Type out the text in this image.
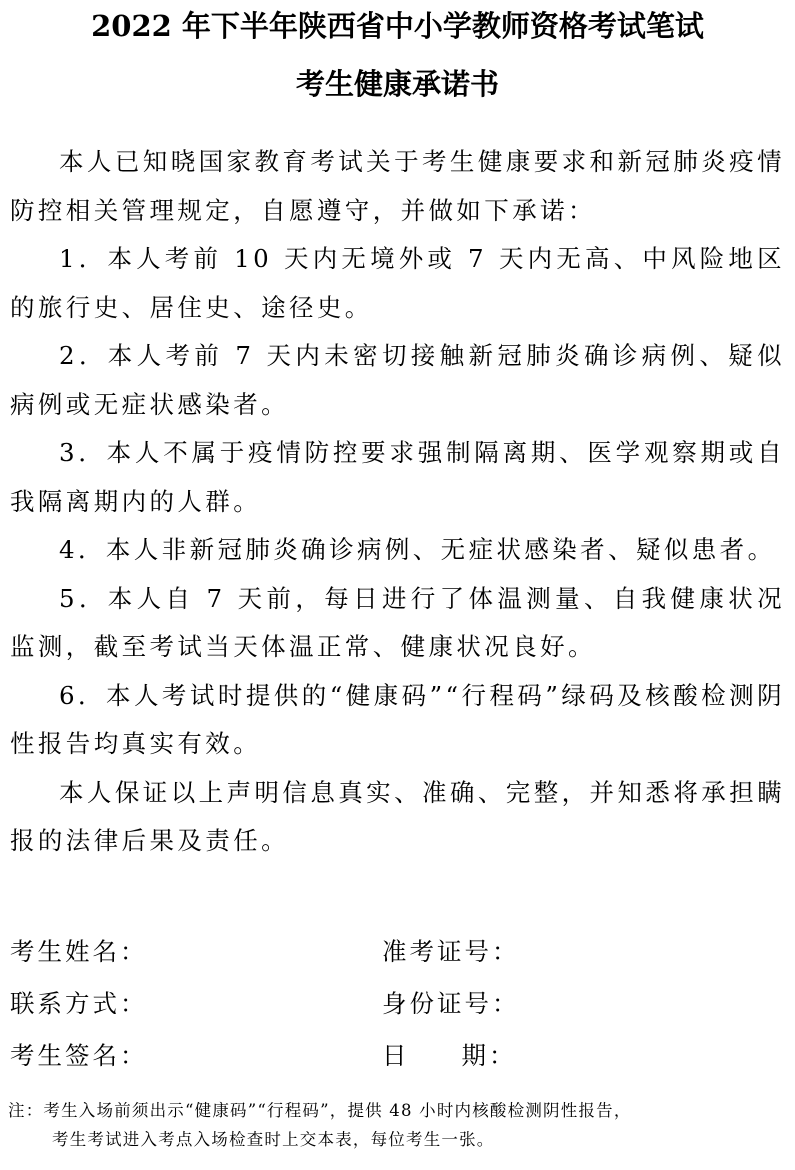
2022 年下半年陕西省中小学教师资格考试笔试
考生健康承诺书

本人已知晓国家教育考试关于考生健康要求和新冠肺炎疫情防控相关管理规定，自愿遵守，并做如下承诺：

1．本人考前 10 天内无境外或 7 天内无高、中风险地区的旅行史、居住史、途径史。

2．本人考前 7 天内未密切接触新冠肺炎确诊病例、疑似病例或无症状感染者。

3．本人不属于疫情防控要求强制隔离期、医学观察期或自我隔离期内的人群。

4．本人非新冠肺炎确诊病例、无症状感染者、疑似患者。

5．本人自 7 天前，每日进行了体温测量、自我健康状况监测，截至考试当天体温正常、健康状况良好。

6．本人考试时提供的“健康码”“行程码”绿码及核酸检测阴性报告均真实有效。

本人保证以上声明信息真实、准确、完整，并知悉将承担瞒报的法律后果及责任。

考生姓名：	准考证号：
联系方式：	身份证号：
考生签名：	日 期：
注：考生入场前须出示“健康码”“行程码”，提供 48 小时内核酸检测阴性报告，
考生考试进入考点入场检查时上交本表，每位考生一张。
